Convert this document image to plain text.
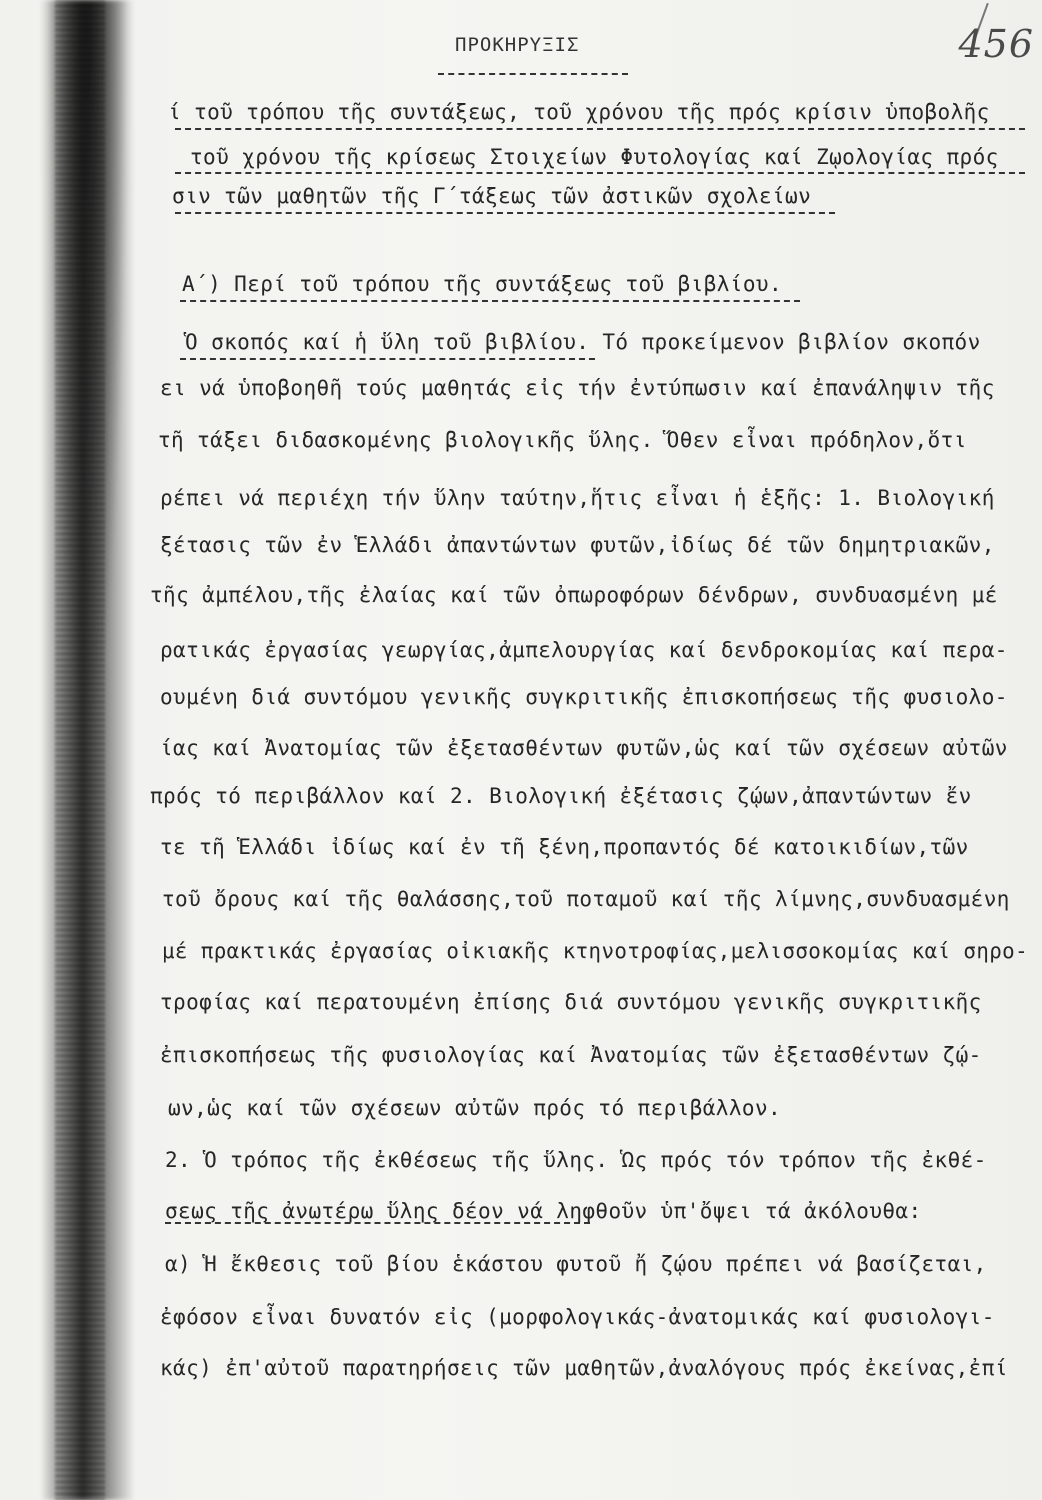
456
ΠΡΟΚΗΡΥΞΙΣ
ί τοῦ τρόπου τῆς συντάξεως, τοῦ χρόνου τῆς πρός κρίσιν ὑποβολῆς
τοῦ χρόνου τῆς κρίσεως Στοιχείων Φυτολογίας καί Ζῳολογίας πρός
σιν τῶν μαθητῶν τῆς Γ΄τάξεως τῶν ἀστικῶν σχολείων
Α΄) Περί τοῦ τρόπου τῆς συντάξεως τοῦ βιβλίου.
Ὁ σκοπός καί ἡ ὕλη τοῦ βιβλίου. Τό προκείμενον βιβλίον σκοπόν
ει νά ὑποβοηθῆ τούς μαθητάς εἰς τήν ἐντύπωσιν καί ἐπανάληψιν τῆς
τῆ τάξει διδασκομένης βιολογικῆς ὕλης. Ὅθεν εἶναι πρόδηλον,ὅτι
ρέπει νά περιέχη τήν ὕλην ταύτην,ἥτις εἶναι ἡ ἑξῆς: 1. Βιολογική
ξέτασις τῶν ἐν Ἑλλάδι ἀπαντώντων φυτῶν,ἰδίως δέ τῶν δημητριακῶν,
τῆς ἀμπέλου,τῆς ἐλαίας καί τῶν ὀπωροφόρων δένδρων, συνδυασμένη μέ
ρατικάς ἐργασίας γεωργίας,ἀμπελουργίας καί δενδροκομίας καί περα-
ουμένη διά συντόμου γενικῆς συγκριτικῆς ἐπισκοπήσεως τῆς φυσιολο-
ίας καί Ἀνατομίας τῶν ἐξετασθέντων φυτῶν,ὡς καί τῶν σχέσεων αὐτῶν
πρός τό περιβάλλον καί 2. Βιολογική ἐξέτασις ζῴων,ἀπαντώντων ἔν
τε τῆ Ἑλλάδι ἰδίως καί ἐν τῆ ξένη,προπαντός δέ κατοικιδίων,τῶν
τοῦ ὄρους καί τῆς θαλάσσης,τοῦ ποταμοῦ καί τῆς λίμνης,συνδυασμένη
μέ πρακτικάς ἐργασίας οἰκιακῆς κτηνοτροφίας,μελισσοκομίας καί σηρο-
τροφίας καί περατουμένη ἐπίσης διά συντόμου γενικῆς συγκριτικῆς
ἐπισκοπήσεως τῆς φυσιολογίας καί Ἀνατομίας τῶν ἐξετασθέντων ζῴ-
ων,ὡς καί τῶν σχέσεων αὐτῶν πρός τό περιβάλλον.
2. Ὁ τρόπος τῆς ἐκθέσεως τῆς ὕλης. Ὡς πρός τόν τρόπον τῆς ἐκθέ-
σεως τῆς ἀνωτέρω ὕλης δέον νά ληφθοῦν ὑπ'ὄψει τά ἀκόλουθα:
α) Ἡ ἔκθεσις τοῦ βίου ἑκάστου φυτοῦ ἤ ζῴου πρέπει νά βασίζεται,
ἐφόσον εἶναι δυνατόν εἰς (μορφολογικάς-ἀνατομικάς καί φυσιολογι-
κάς) ἐπ'αὐτοῦ παρατηρήσεις τῶν μαθητῶν,ἀναλόγους πρός ἐκείνας,ἐπί
